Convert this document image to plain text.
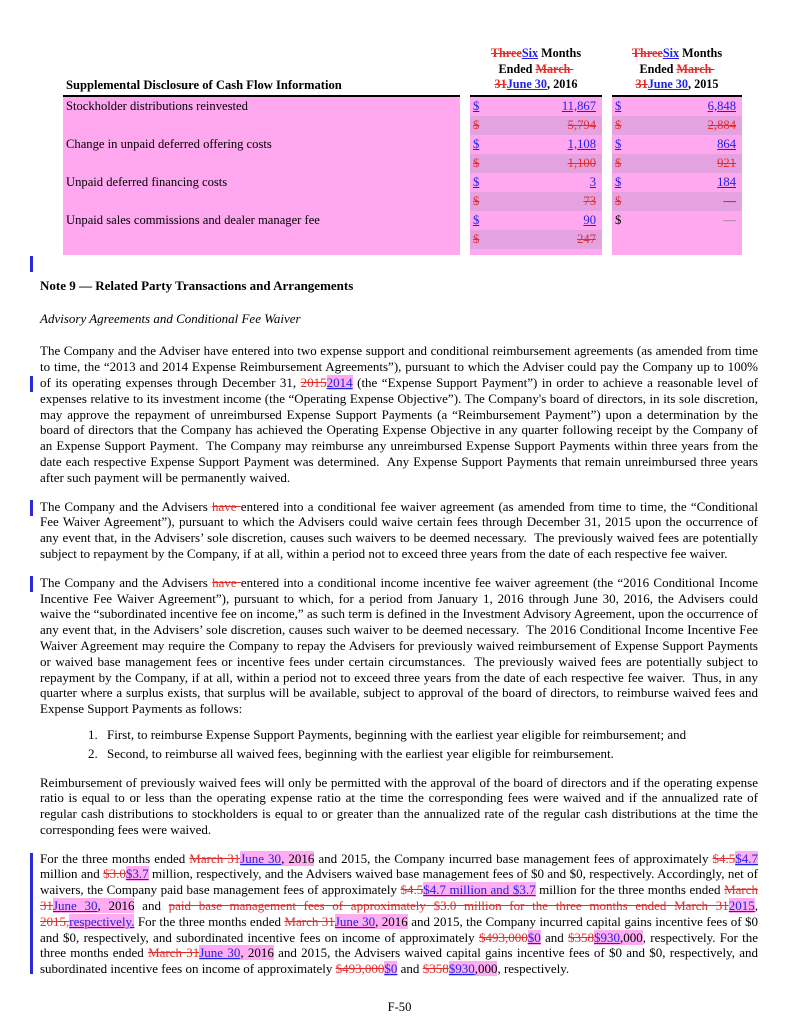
Supplemental Disclosure of Cash Flow Information
ThreeSix Months
Ended March
31June 30, 2016
ThreeSix Months
Ended March
31June 30, 2015
Stockholder distributions reinvested	$	11,867 $	6,848
$	5,794 $	2,884
Change in unpaid deferred offering costs	$	1,108 $	864
$	1,100 $	921
Unpaid deferred financing costs	$	3 $	184
$	73 $	—
Unpaid sales commissions and dealer manager fee	$	90 $	—
$	247

Note 9 — Related Party Transactions and Arrangements

Advisory Agreements and Conditional Fee Waiver

The Company and the Adviser have entered into two expense support and conditional reimbursement agreements (as amended from time to time, the “2013 and 2014 Expense Reimbursement Agreements”), pursuant to which the Adviser could pay the Company up to 100% of its operating expenses through December 31, 20152014 (the “Expense Support Payment”) in order to achieve a reasonable level of expenses relative to its investment income (the “Operating Expense Objective”). The Company's board of directors, in its sole discretion, may approve the repayment of unreimbursed Expense Support Payments (a “Reimbursement Payment”) upon a determination by the board of directors that the Company has achieved the Operating Expense Objective in any quarter following receipt by the Company of an Expense Support Payment.  The Company may reimburse any unreimbursed Expense Support Payments within three years from the date each respective Expense Support Payment was determined.  Any Expense Support Payments that remain unreimbursed three years after such payment will be permanently waived.

The Company and the Advisers have entered into a conditional fee waiver agreement (as amended from time to time, the “Conditional Fee Waiver Agreement”), pursuant to which the Advisers could waive certain fees through December 31, 2015 upon the occurrence of any event that, in the Advisers’ sole discretion, causes such waivers to be deemed necessary.  The previously waived fees are potentially subject to repayment by the Company, if at all, within a period not to exceed three years from the date of each respective fee waiver.

The Company and the Advisers have entered into a conditional income incentive fee waiver agreement (the “2016 Conditional Income Incentive Fee Waiver Agreement”), pursuant to which, for a period from January 1, 2016 through June 30, 2016, the Advisers could waive the “subordinated incentive fee on income,” as such term is defined in the Investment Advisory Agreement, upon the occurrence of any event that, in the Advisers’ sole discretion, causes such waiver to be deemed necessary.  The 2016 Conditional Income Incentive Fee Waiver Agreement may require the Company to repay the Advisers for previously waived reimbursement of Expense Support Payments or waived base management fees or incentive fees under certain circumstances.  The previously waived fees are potentially subject to repayment by the Company, if at all, within a period not to exceed three years from the date of each respective fee waiver.  Thus, in any quarter where a surplus exists, that surplus will be available, subject to approval of the board of directors, to reimburse waived fees and Expense Support Payments as follows:

1. First, to reimburse Expense Support Payments, beginning with the earliest year eligible for reimbursement; and
2. Second, to reimburse all waived fees, beginning with the earliest year eligible for reimbursement.

Reimbursement of previously waived fees will only be permitted with the approval of the board of directors and if the operating expense ratio is equal to or less than the operating expense ratio at the time the corresponding fees were waived and if the annualized rate of regular cash distributions to stockholders is equal to or greater than the annualized rate of the regular cash distributions at the time the corresponding fees were waived.

For the three months ended March 31June 30, 2016 and 2015, the Company incurred base management fees of approximately $4.5$4.7 million and $3.0$3.7 million, respectively, and the Advisers waived base management fees of $0 and $0, respectively. Accordingly, net of waivers, the Company paid base management fees of approximately $4.5$4.7 million and $3.7 million for the three months ended March 31June 30, 2016 and paid base management fees of approximately $3.0 million for the three months ended March 312015, 2015,respectively. For the three months ended March 31June 30, 2016 and 2015, the Company incurred capital gains incentive fees of $0 and $0, respectively, and subordinated incentive fees on income of approximately $493,000$0 and $358$930,000, respectively. For the three months ended March 31June 30, 2016 and 2015, the Advisers waived capital gains incentive fees of $0 and $0, respectively, and subordinated incentive fees on income of approximately $493,000$0 and $358$930,000, respectively.

F-50
